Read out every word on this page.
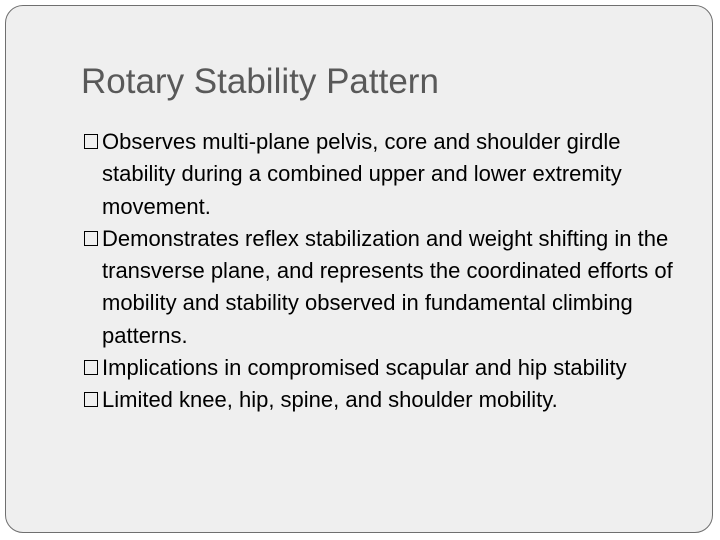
Rotary Stability Pattern
Observes multi-plane pelvis, core and shoulder girdle stability during a combined upper and lower extremity movement.
Demonstrates reflex stabilization and weight shifting in the transverse plane, and represents the coordinated efforts of mobility and stability observed in fundamental climbing patterns.
Implications in compromised scapular and hip stability
Limited knee, hip, spine, and shoulder mobility.
